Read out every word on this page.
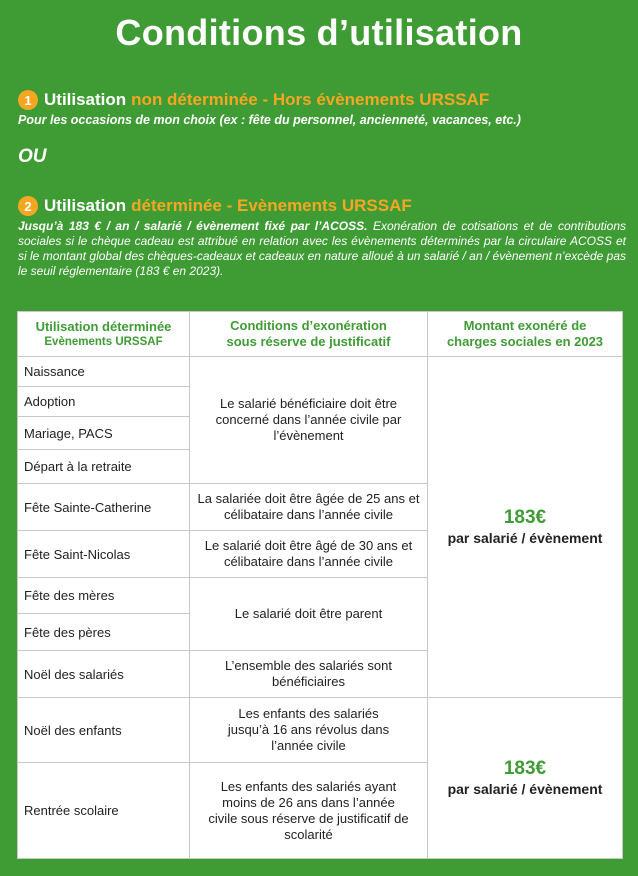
Conditions d’utilisation
1 Utilisation non déterminée - Hors évènements URSSAF
Pour les occasions de mon choix (ex : fête du personnel, ancienneté, vacances, etc.)
OU
2 Utilisation déterminée - Evènements URSSAF
Jusqu’à 183 € / an / salarié / évènement fixé par l’ACOSS. Exonération de cotisations et de contributions sociales si le chèque cadeau est attribué en relation avec les évènements déterminés par la circulaire ACOSS et si le montant global des chèques-cadeaux et cadeaux en nature alloué à un salarié / an / évènement n’excède pas le seuil réglementaire (183 € en 2023).
Utilisation déterminée
Evènements URSSAF
Conditions d’exonération
sous réserve de justificatif
Montant exonéré de
charges sociales en 2023
Naissance
Adoption
Mariage, PACS
Départ à la retraite
Fête Sainte-Catherine
Fête Saint-Nicolas
Fête des mères
Fête des pères
Noël des salariés
Noël des enfants
Rentrée scolaire
Le salarié bénéficiaire doit être concerné dans l’année civile par l’évènement
La salariée doit être âgée de 25 ans et célibataire dans l’année civile
Le salarié doit être âgé de 30 ans et célibataire dans l’année civile
Le salarié doit être parent
L’ensemble des salariés sont bénéficiaires
Les enfants des salariés jusqu’à 16 ans révolus dans l’année civile
Les enfants des salariés ayant moins de 26 ans dans l’année civile sous réserve de justificatif de scolarité
183€
par salarié / évènement
183€
par salarié / évènement
